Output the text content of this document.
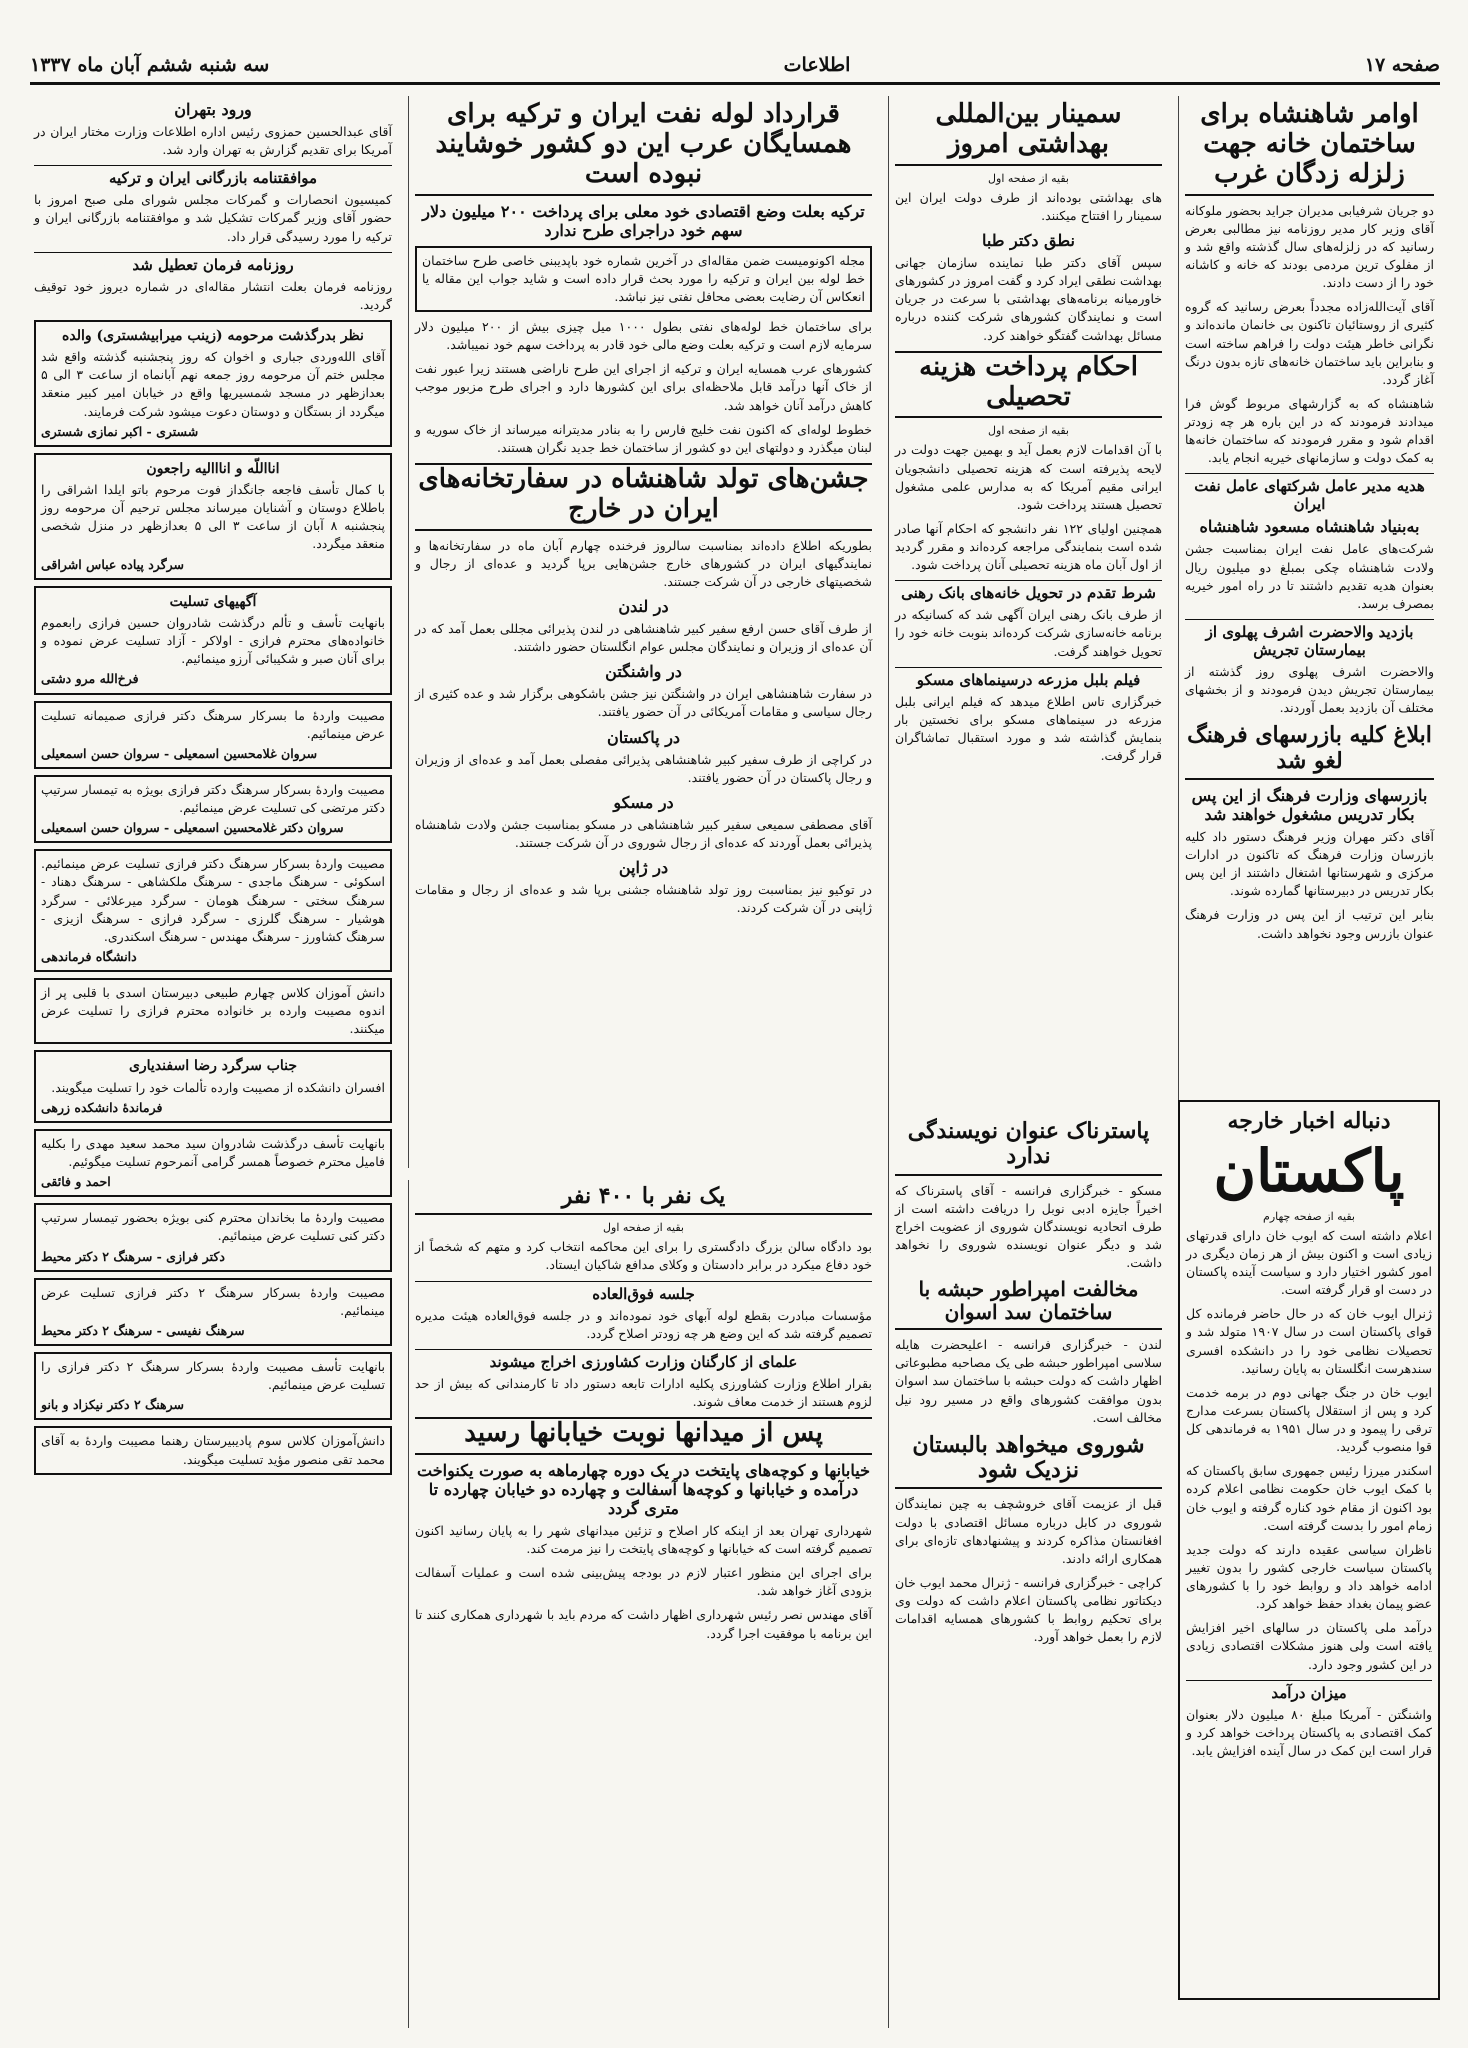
صفحه ۱۷
اطلاعات
سه شنبه ششم آبان ماه ۱۳۳۷
اوامر شاهنشاه برای ساختمان خانه جهت زلزله زدگان غرب

دو جریان شرفیابی مدیران جراید بحضور ملوکانه آقای وزیر کار مدیر روزنامه نیز مطالبی بعرض رسانید که در زلزله‌های سال گذشته واقع شد و از مفلوک ترین مردمی بودند که خانه و کاشانه خود را از دست دادند.

آقای آیت‌الله‌زاده مجدداً بعرض رسانید که گروه کثیری از روستائیان تاکنون بی خانمان مانده‌اند و نگرانی خاطر هیئت دولت را فراهم ساخته است و بنابراین باید ساختمان خانه‌های تازه بدون درنگ آغاز گردد.

شاهنشاه که به گزارشهای مربوط گوش فرا میدادند فرمودند که در این باره هر چه زودتر اقدام شود و مقرر فرمودند که ساختمان خانه‌ها به کمک دولت و سازمانهای خیریه انجام یابد.

هدیه مدیر عامل شرکتهای عامل نفت ایران
به‌بنیاد شاهنشاه مسعود شاهنشاه

شرکت‌های عامل نفت ایران بمناسبت جشن ولادت شاهنشاه چکی بمبلغ دو میلیون ریال بعنوان هدیه تقدیم داشتند تا در راه امور خیریه بمصرف برسد.

بازدید والاحضرت اشرف پهلوی از بیمارستان تجریش

والاحضرت اشرف پهلوی روز گذشته از بیمارستان تجریش دیدن فرمودند و از بخشهای مختلف آن بازدید بعمل آوردند.

ابلاغ کلیه بازرسهای فرهنگ لغو شد
بازرسهای وزارت فرهنگ از این پس بکار تدریس مشغول خواهند شد

آقای دکتر مهران وزیر فرهنگ دستور داد کلیه بازرسان وزارت فرهنگ که تاکنون در ادارات مرکزی و شهرستانها اشتغال داشتند از این پس بکار تدریس در دبیرستانها گمارده شوند.

بنابر این ترتیب از این پس در وزارت فرهنگ عنوان بازرس وجود نخواهد داشت.

دنباله اخبار خارجه
پاکستان
بقیه از صفحه چهارم

اعلام داشته است که ایوب خان دارای قدرتهای زیادی است و اکنون بیش از هر زمان دیگری در امور کشور اختیار دارد و سیاست آینده پاکستان در دست او قرار گرفته است.

ژنرال ایوب خان که در حال حاضر فرمانده کل قوای پاکستان است در سال ۱۹۰۷ متولد شد و تحصیلات نظامی خود را در دانشکده افسری سندهرست انگلستان به پایان رسانید.

ایوب خان در جنگ جهانی دوم در برمه خدمت کرد و پس از استقلال پاکستان بسرعت مدارج ترقی را پیمود و در سال ۱۹۵۱ به فرماندهی کل قوا منصوب گردید.

اسکندر میرزا رئیس جمهوری سابق پاکستان که با کمک ایوب خان حکومت نظامی اعلام کرده بود اکنون از مقام خود کناره گرفته و ایوب خان زمام امور را بدست گرفته است.

ناظران سیاسی عقیده دارند که دولت جدید پاکستان سیاست خارجی کشور را بدون تغییر ادامه خواهد داد و روابط خود را با کشورهای عضو پیمان بغداد حفظ خواهد کرد.

درآمد ملی پاکستان در سالهای اخیر افزایش یافته است ولی هنوز مشکلات اقتصادی زیادی در این کشور وجود دارد.

میزان درآمد

واشنگتن - آمریکا مبلغ ۸۰ میلیون دلار بعنوان کمک اقتصادی به پاکستان پرداخت خواهد کرد و قرار است این کمک در سال آینده افزایش یابد.

سمینار بین‌المللی بهداشتی امروز
بقیه از صفحه اول

های بهداشتی بوده‌اند از طرف دولت ایران این سمینار را افتتاح میکنند.

نطق دکتر طبا

سپس آقای دکتر طبا نماینده سازمان جهانی بهداشت نطقی ایراد کرد و گفت امروز در کشورهای خاورمیانه برنامه‌های بهداشتی با سرعت در جریان است و نمایندگان کشورهای شرکت کننده درباره مسائل بهداشت گفتگو خواهند کرد.

احکام پرداخت هزینه تحصیلی
بقیه از صفحه اول

با آن اقدامات لازم بعمل آید و بهمین جهت دولت در لایحه پذیرفته است که هزینه تحصیلی دانشجویان ایرانی مقیم آمریکا که به مدارس علمی مشغول تحصیل هستند پرداخت شود.

همچنین اولیای ۱۲۲ نفر دانشجو که احکام آنها صادر شده است بنمایندگی مراجعه کرده‌اند و مقرر گردید از اول آبان ماه هزینه تحصیلی آنان پرداخت شود.

شرط تقدم در تحویل خانه‌های بانک رهنی

از طرف بانک رهنی ایران آگهی شد که کسانیکه در برنامه خانه‌سازی شرکت کرده‌اند بنوبت خانه خود را تحویل خواهند گرفت.

فیلم بلبل مزرعه درسینماهای مسکو

خبرگزاری تاس اطلاع میدهد که فیلم ایرانی بلبل مزرعه در سینماهای مسکو برای نخستین بار بنمایش گذاشته شد و مورد استقبال تماشاگران قرار گرفت.

پاسترناک عنوان نویسندگی ندارد

مسکو - خبرگزاری فرانسه - آقای پاسترناک که اخیراً جایزه ادبی نوبل را دریافت داشته است از طرف اتحادیه نویسندگان شوروی از عضویت اخراج شد و دیگر عنوان نویسنده شوروی را نخواهد داشت.

مخالفت امپراطور حبشه با ساختمان سد اسوان

لندن - خبرگزاری فرانسه - اعلیحضرت هایله سلاسی امپراطور حبشه طی یک مصاحبه مطبوعاتی اظهار داشت که دولت حبشه با ساختمان سد اسوان بدون موافقت کشورهای واقع در مسیر رود نیل مخالف است.

شوروی میخواهد بالبستان نزدیک شود

قبل از عزیمت آقای خروشچف به چین نمایندگان شوروی در کابل درباره مسائل اقتصادی با دولت افغانستان مذاکره کردند و پیشنهادهای تازه‌ای برای همکاری ارائه دادند.

کراچی - خبرگزاری فرانسه - ژنرال محمد ایوب خان دیکتاتور نظامی پاکستان اعلام داشت که دولت وی برای تحکیم روابط با کشورهای همسایه اقدامات لازم را بعمل خواهد آورد.

قرارداد لوله نفت ایران و ترکیه برای همسایگان عرب این دو کشور خوشایند نبوده است
ترکیه بعلت وضع اقتصادی خود معلی برای پرداخت ۲۰۰ میلیون دلار سهم خود دراجرای طرح ندارد
مجله اکونومیست ضمن مقاله‌ای در آخرین شماره خود باپدیبنی خاصی طرح ساختمان خط لوله بین ایران و ترکیه را مورد بحث قرار داده است و شاید جواب این مقاله یا انعکاس آن رضایت بعضی محافل نفتی نیز نباشد.

برای ساختمان خط لوله‌های نفتی بطول ۱۰۰۰ میل چیزی بیش از ۲۰۰ میلیون دلار سرمایه لازم است و ترکیه بعلت وضع مالی خود قادر به پرداخت سهم خود نمیباشد.

کشورهای عرب همسایه ایران و ترکیه از اجرای این طرح ناراضی هستند زیرا عبور نفت از خاک آنها درآمد قابل ملاحظه‌ای برای این کشورها دارد و اجرای طرح مزبور موجب کاهش درآمد آنان خواهد شد.

خطوط لوله‌ای که اکنون نفت خلیج فارس را به بنادر مدیترانه میرساند از خاک سوریه و لبنان میگذرد و دولتهای این دو کشور از ساختمان خط جدید نگران هستند.

جشن‌های تولد شاهنشاه در سفارتخانه‌های ایران در خارج

بطوریکه اطلاع داده‌اند بمناسبت سالروز فرخنده چهارم آبان ماه در سفارتخانه‌ها و نمایندگیهای ایران در کشورهای خارج جشن‌هایی برپا گردید و عده‌ای از رجال و شخصیتهای خارجی در آن شرکت جستند.

در لندن

از طرف آقای حسن ارفع سفیر کبیر شاهنشاهی در لندن پذیرائی مجللی بعمل آمد که در آن عده‌ای از وزیران و نمایندگان مجلس عوام انگلستان حضور داشتند.

در واشنگتن

در سفارت شاهنشاهی ایران در واشنگتن نیز جشن باشکوهی برگزار شد و عده کثیری از رجال سیاسی و مقامات آمریکائی در آن حضور یافتند.

در پاکستان

در کراچی از طرف سفیر کبیر شاهنشاهی پذیرائی مفصلی بعمل آمد و عده‌ای از وزیران و رجال پاکستان در آن حضور یافتند.

در مسکو

آقای مصطفی سمیعی سفیر کبیر شاهنشاهی در مسکو بمناسبت جشن ولادت شاهنشاه پذیرائی بعمل آوردند که عده‌ای از رجال شوروی در آن شرکت جستند.

در ژاپن

در توکیو نیز بمناسبت روز تولد شاهنشاه جشنی برپا شد و عده‌ای از رجال و مقامات ژاپنی در آن شرکت کردند.

یک نفر با ۴۰۰ نفر
بقیه از صفحه اول

بود دادگاه سالن بزرگ دادگستری را برای این محاکمه انتخاب کرد و متهم که شخصاً از خود دفاع میکرد در برابر دادستان و وکلای مدافع شاکیان ایستاد.

جلسه فوق‌العاده

مؤسسات مبادرت بقطع لوله آبهای خود نموده‌اند و در جلسه فوق‌العاده هیئت مدیره تصمیم گرفته شد که این وضع هر چه زودتر اصلاح گردد.

علمای از کارگنان وزارت کشاورزی اخراج میشوند

بقرار اطلاع وزارت کشاورزی پکلیه ادارات تابعه دستور داد تا کارمندانی که بیش از حد لزوم هستند از خدمت معاف شوند.

پس از میدانها نوبت خیابانها رسید
خیابانها و کوچه‌های پایتخت در یک دوره چهارماهه به صورت یکنواخت درآمده و خیابانها و کوچه‌ها آسفالت و چهارده دو خیابان چهارده تا متری گردد

شهرداری تهران بعد از اینکه کار اصلاح و تزئین میدانهای شهر را به پایان رسانید اکنون تصمیم گرفته است که خیابانها و کوچه‌های پایتخت را نیز مرمت کند.

برای اجرای این منظور اعتبار لازم در بودجه پیش‌بینی شده است و عملیات آسفالت بزودی آغاز خواهد شد.

آقای مهندس نصر رئیس شهرداری اظهار داشت که مردم باید با شهرداری همکاری کنند تا این برنامه با موفقیت اجرا گردد.

ورود بتهران

آقای عبدالحسین حمزوی رئیس اداره اطلاعات وزارت مختار ایران در آمریکا برای تقدیم گزارش به تهران وارد شد.

موافقتنامه بازرگانی ایران و ترکیه

کمیسیون انحصارات و گمرکات مجلس شورای ملی صبح امروز با حضور آقای وزیر گمرکات تشکیل شد و موافقتنامه بازرگانی ایران و ترکیه را مورد رسیدگی قرار داد.

روزنامه فرمان تعطیل شد

روزنامه فرمان بعلت انتشار مقاله‌ای در شماره دیروز خود توقیف گردید.

نظر بدرگذشت مرحومه (زینب میرابیشستری) والده
آقای الله‌وردی جباری و اخوان که روز پنجشنبه گذشته واقع شد مجلس ختم آن مرحومه روز جمعه نهم آبانماه از ساعت ۳ الی ۵ بعدازظهر در مسجد شمسیریها واقع در خیابان امیر کبیر منعقد میگردد از بستگان و دوستان دعوت میشود شرکت فرمایند.
شستری - اکبر نمازی شستری
انااللّه و انااالیه راجعون
با کمال تأسف فاجعه جانگداز فوت مرحوم باتو ایلدا اشراقی را باطلاع دوستان و آشنایان میرساند مجلس ترحیم آن مرحومه روز پنجشنبه ۸ آبان از ساعت ۳ الی ۵ بعدازظهر در منزل شخصی منعقد میگردد.
سرگرد پیاده عباس اشراقی
آگهیهای تسلیت
بانهایت تأسف و تألم درگذشت شادروان حسین فرازی رابعموم خانواده‌های محترم فرازی - اولاکر - آزاد تسلیت عرض نموده و برای آنان صبر و شکیبائی آرزو مینمائیم.
فرخ‌الله مرو دشتی
مصیبت واردهٔ ما بسرکار سرهنگ دکتر فرازی صمیمانه تسلیت عرض مینمائیم.
سروان غلامحسین اسمعیلی - سروان حسن اسمعیلی
مصیبت واردهٔ بسرکار سرهنگ دکتر فرازی بویژه به تیمسار سرتیپ دکتر مرتضی کی تسلیت عرض مینمائیم.
سروان دکتر غلامحسین اسمعیلی - سروان حسن اسمعیلی
مصیبت واردهٔ بسرکار سرهنگ دکتر فرازی تسلیت عرض مینمائیم. اسکوئی - سرهنگ ماجدی - سرهنگ ملکشاهی - سرهنگ دهناد - سرهنگ سختی - سرهنگ هومان - سرگرد میرعلائی - سرگرد هوشیار - سرهنگ گلرزی - سرگرد فرازی - سرهنگ ازیزی - سرهنگ کشاورز - سرهنگ مهندس - سرهنگ اسکندری.
دانشگاه فرماندهی
دانش آموزان کلاس چهارم طبیعی دبیرستان اسدی با قلبی پر از اندوه مصیبت وارده بر خانواده محترم فرازی را تسلیت عرض میکنند.
جناب سرگرد رضا اسفندیاری
افسران دانشکده از مصیبت وارده تألمات خود را تسلیت میگویند.
فرماندهٔ دانشکده زرهی
بانهایت تأسف درگذشت شادروان سید محمد سعید مهدی را بکلیه فامیل محترم خصوصاً همسر گرامی آنمرحوم تسلیت میگوئیم.
احمد و فائقی
مصیبت واردهٔ ما بخاندان محترم کنی بویژه بحضور تیمسار سرتیپ دکتر کنی تسلیت عرض مینمائیم.
دکتر فرازی - سرهنگ ۲ دکتر محیط
مصیبت واردهٔ بسرکار سرهنگ ۲ دکتر فرازی تسلیت عرض مینمائیم.
سرهنگ نفیسی - سرهنگ ۲ دکتر محیط
بانهایت تأسف مصیبت واردهٔ بسرکار سرهنگ ۲ دکتر فرازی را تسلیت عرض مینمائیم.
سرهنگ ۲ دکتر نیکزاد و بانو
دانش‌آموزان کلاس سوم پادیبیرستان رهنما مصیبت واردهٔ به آقای محمد تقی منصور مؤید تسلیت میگویند.
